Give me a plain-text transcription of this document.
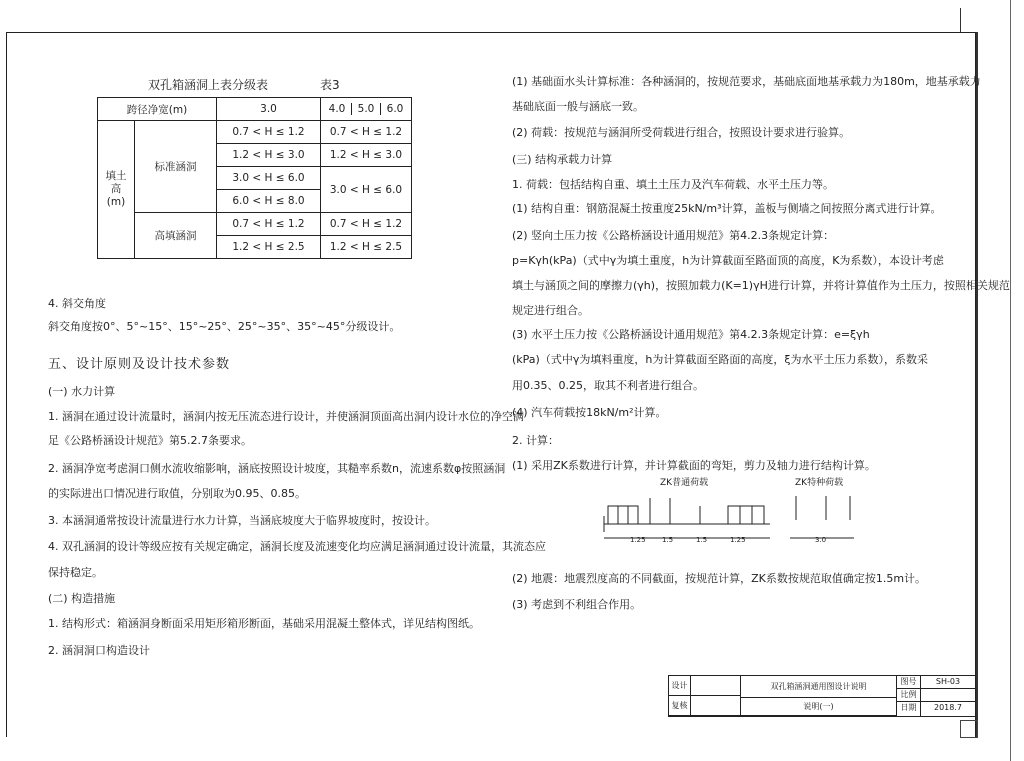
双孔箱涵洞上表分级表	表3
跨径净宽(m)		3.0	4.0 5.0 6.0
填土高(m)	标准涵洞	0.7 < H ≤ 1.2	0.7 < H ≤ 1.2
		1.2 < H ≤ 3.0	1.2 < H ≤ 3.0
		3.0 < H ≤ 6.0	3.0 < H ≤ 6.0
		6.0 < H ≤ 8.0	
	高填涵洞	0.7 < H ≤ 1.2	0.7 < H ≤ 1.2
		1.2 < H ≤ 2.5	1.2 < H ≤ 2.5
4. 斜交角度
斜交角度按0°、5°~15°、15°~25°、25°~35°、35°~45°分级设计。
五、设计原则及设计技术参数
(一) 水力计算
1. 涵洞在通过设计流量时，涵洞内按无压流态进行设计，并使涵洞顶面高出洞内设计水位的净空满
足《公路桥涵设计规范》第5.2.7条要求。
2. 涵洞净宽考虑洞口侧水流收缩影响，涵底按照设计坡度，其糙率系数n，流速系数φ按照涵洞
的实际进出口情况进行取值，分别取为0.95、0.85。
3. 本涵洞通常按设计流量进行水力计算，当涵底坡度大于临界坡度时，按设计。
4. 双孔涵洞的设计等级应按有关规定确定，涵洞长度及流速变化均应满足涵洞通过设计流量，其流态应
保持稳定。
(二) 构造措施
1. 结构形式：箱涵洞身断面采用矩形箱形断面，基础采用混凝土整体式，详见结构图纸。
2. 涵洞洞口构造设计
(1) 基础面水头计算标准：各种涵洞的，按规范要求，基础底面地基承载力为180m，地基承载力
基础底面一般与涵底一致。
(2) 荷载：按规范与涵洞所受荷载进行组合，按照设计要求进行验算。
(三) 结构承载力计算
1. 荷载：包括结构自重、填土土压力及汽车荷载、水平土压力等。
(1) 结构自重：钢筋混凝土按重度25kN/m³计算，盖板与侧墙之间按照分离式进行计算。
(2) 竖向土压力按《公路桥涵设计通用规范》第4.2.3条规定计算：
p=Kγh(kPa)（式中γ为填土重度，h为计算截面至路面顶的高度，K为系数），本设计考虑
填土与涵顶之间的摩擦力(γh)，按照加载力(K=1)γH进行计算，并将计算值作为土压力，按照相关规范
规定进行组合。
(3) 水平土压力按《公路桥涵设计通用规范》第4.2.3条规定计算：e=ξγh
(kPa)（式中γ为填料重度，h为计算截面至路面的高度，ξ为水平土压力系数），系数采
用0.35、0.25，取其不利者进行组合。
(4) 汽车荷载按18kN/m²计算。
2. 计算：
(1) 采用ZK系数进行计算，并计算截面的弯矩，剪力及轴力进行结构计算。
ZK普通荷载	ZK特种荷载
1.25 1.5	1.5	1.25	3.0
(2) 地震：地震烈度高的不同截面，按规范计算，ZK系数按规范取值确定按1.5m计。
(3) 考虑到不利组合作用。
设计
复核
双孔箱涵洞通用图设计说明
说明(一)
图号	SH-03
比例
日期	2018.7
